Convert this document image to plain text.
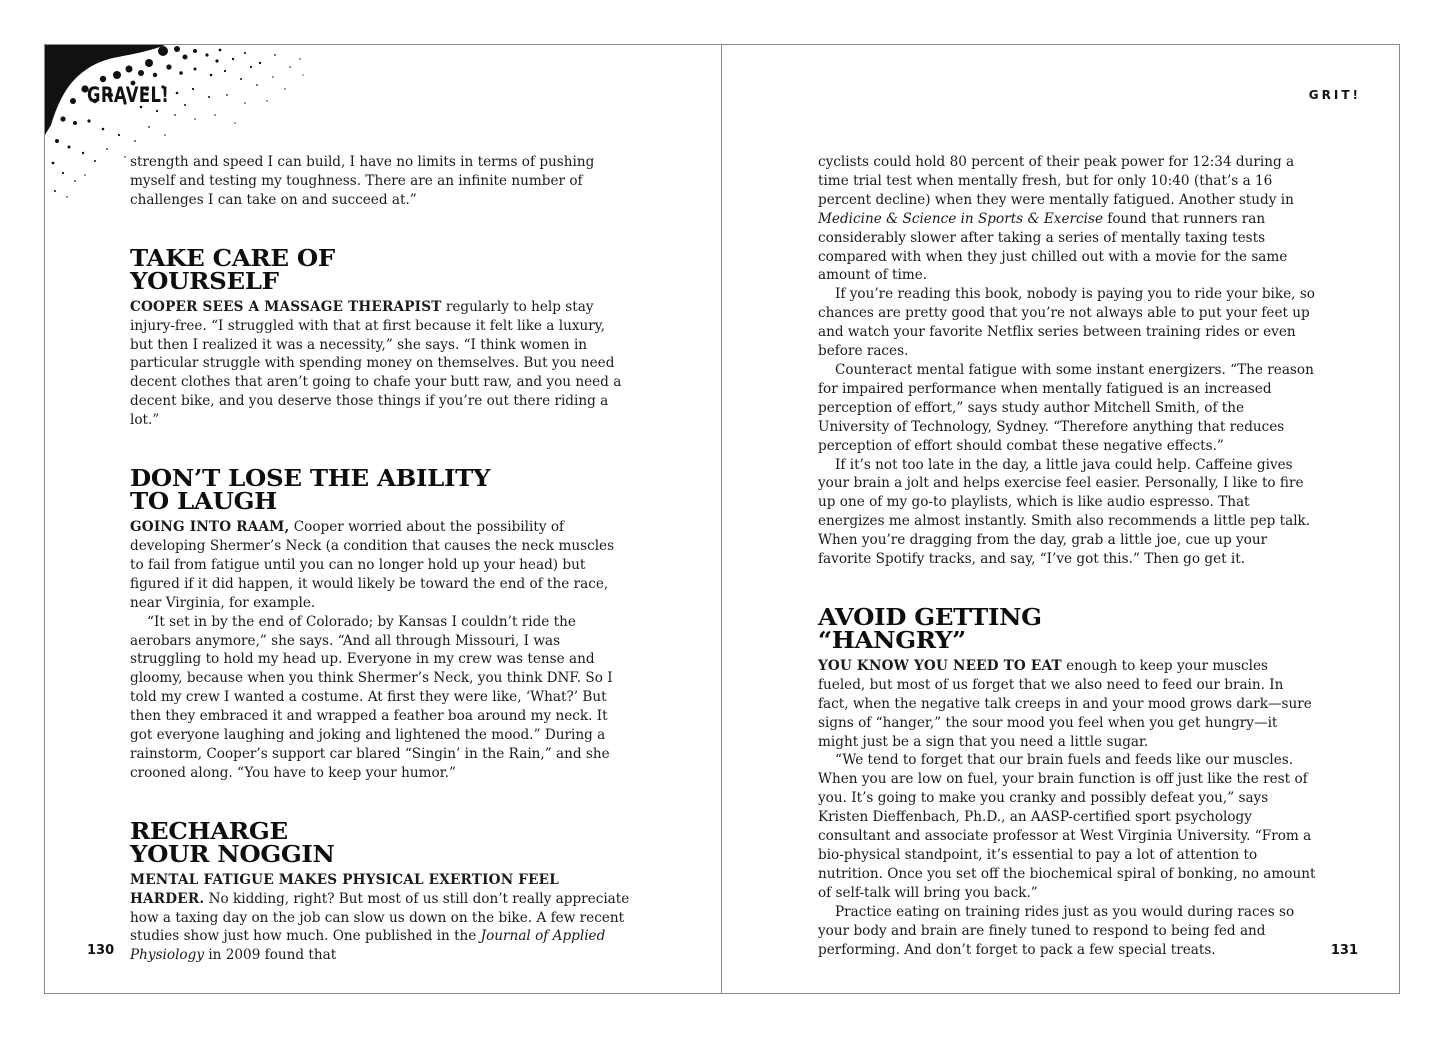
GRAVEL!	GRIT!

strength and speed I can build, I have no limits in terms of pushing myself and testing my toughness. There are an infinite number of challenges I can take on and succeed at.”

TAKE CARE OF
YOURSELF

COOPER SEES A MASSAGE THERAPIST regularly to help stay injury-free. “I struggled with that at first because it felt like a luxury, but then I realized it was a necessity,” she says. “I think women in particular struggle with spending money on themselves. But you need decent clothes that aren’t going to chafe your butt raw, and you need a decent bike, and you deserve those things if you’re out there riding a lot.”

DON’T LOSE THE ABILITY
TO LAUGH

GOING INTO RAAM, Cooper worried about the possibility of developing Shermer’s Neck (a condition that causes the neck muscles to fail from fatigue until you can no longer hold up your head) but figured if it did happen, it would likely be toward the end of the race, near Virginia, for example.

“It set in by the end of Colorado; by Kansas I couldn’t ride the aerobars anymore,” she says. “And all through Missouri, I was struggling to hold my head up. Everyone in my crew was tense and gloomy, because when you think Shermer’s Neck, you think DNF. So I told my crew I wanted a costume. At first they were like, ‘What?’ But then they embraced it and wrapped a feather boa around my neck. It got everyone laughing and joking and lightened the mood.” During a rainstorm, Cooper’s support car blared “Singin’ in the Rain,” and she crooned along. “You have to keep your humor.”

RECHARGE
YOUR NOGGIN

MENTAL FATIGUE MAKES PHYSICAL EXERTION FEEL HARDER. No kidding, right? But most of us still don’t really appreciate how a taxing day on the job can slow us down on the bike. A few recent studies show just how much. One published in the Journal of Applied Physiology in 2009 found that

cyclists could hold 80 percent of their peak power for 12:34 during a time trial test when mentally fresh, but for only 10:40 (that’s a 16 percent decline) when they were mentally fatigued. Another study in Medicine & Science in Sports & Exercise found that runners ran considerably slower after taking a series of mentally taxing tests compared with when they just chilled out with a movie for the same amount of time.

If you’re reading this book, nobody is paying you to ride your bike, so chances are pretty good that you’re not always able to put your feet up and watch your favorite Netflix series between training rides or even before races.

Counteract mental fatigue with some instant energizers. “The reason for impaired performance when mentally fatigued is an increased perception of effort,” says study author Mitchell Smith, of the University of Technology, Sydney. “Therefore anything that reduces perception of effort should combat these negative effects.”

If it’s not too late in the day, a little java could help. Caffeine gives your brain a jolt and helps exercise feel easier. Personally, I like to fire up one of my go-to playlists, which is like audio espresso. That energizes me almost instantly. Smith also recommends a little pep talk. When you’re dragging from the day, grab a little joe, cue up your favorite Spotify tracks, and say, “I’ve got this.” Then go get it.

AVOID GETTING
“HANGRY”

YOU KNOW YOU NEED TO EAT enough to keep your muscles fueled, but most of us forget that we also need to feed our brain. In fact, when the negative talk creeps in and your mood grows dark—sure signs of “hanger,” the sour mood you feel when you get hungry—it might just be a sign that you need a little sugar.

“We tend to forget that our brain fuels and feeds like our muscles. When you are low on fuel, your brain function is off just like the rest of you. It’s going to make you cranky and possibly defeat you,” says Kristen Dieffenbach, Ph.D., an AASP-certified sport psychology consultant and associate professor at West Virginia University. “From a bio-physical standpoint, it’s essential to pay a lot of attention to nutrition. Once you set off the biochemical spiral of bonking, no amount of self-talk will bring you back.”

Practice eating on training rides just as you would during races so your body and brain are finely tuned to respond to being fed and performing. And don’t forget to pack a few special treats.

130	131
